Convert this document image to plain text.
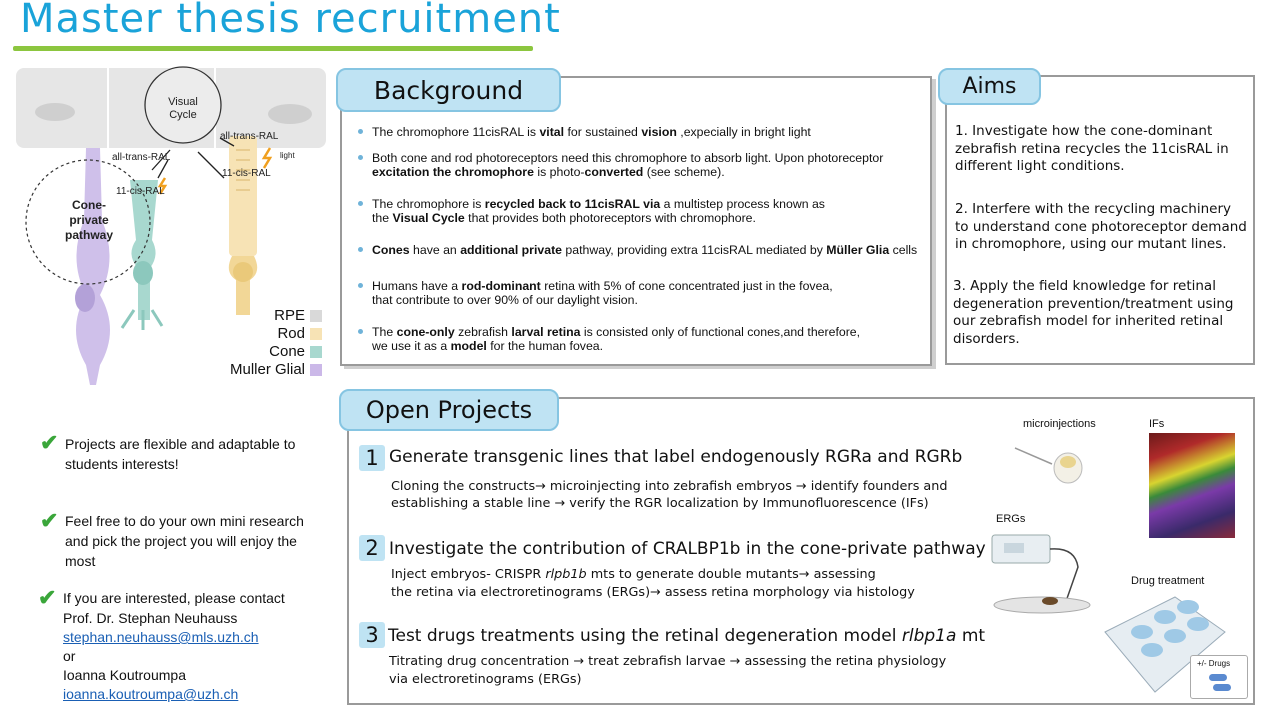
Master thesis recruitment
Visual
Cycle
all-trans-RAL
11-cis-RAL
all-trans-RAL
11-cis-RAL
light
Cone-
private
pathway
RPE
Rod
Cone
Muller Glial
✔ Projects are flexible and adaptable to students interests!
✔ Feel free to do your own mini research and pick the project you will enjoy the most
✔ If you are interested, please contact
Prof. Dr. Stephan Neuhauss
stephan.neuhauss@mls.uzh.ch
or
Ioanna Koutroumpa
ioanna.koutroumpa@uzh.ch
Background
The chromophore 11cisRAL is vital for sustained vision ,expecially in bright light
Both cone and rod photoreceptors need this chromophore to absorb light. Upon photoreceptor
excitation the chromophore is photo-converted (see scheme).
The chromophore is recycled back to 11cisRAL via a multistep process known as
the Visual Cycle that provides both photoreceptors with chromophore.
Cones have an additional private pathway, providing extra 11cisRAL mediated by Müller Glia cells
Humans have a rod-dominant retina with 5% of cone concentrated just in the fovea,
that contribute to over 90% of our daylight vision.
The cone-only zebrafish larval retina is consisted only of functional cones,and therefore,
we use it as a model for the human fovea.
Aims
1. Investigate how the cone-dominant zebrafish retina recycles the 11cisRAL in different light conditions.
2. Interfere with the recycling machinery to understand cone photoreceptor demand in chromophore, using our mutant lines.
3. Apply the field knowledge for retinal degeneration prevention/treatment using our zebrafish model for inherited retinal disorders.
Open Projects
1 Generate transgenic lines that label endogenously RGRa and RGRb
Cloning the constructs→ microinjecting into zebrafish embryos → identify founders and
establishing a stable line → verify the RGR localization by Immunofluorescence (IFs)
2 Investigate the contribution of CRALBP1b in the cone-private pathway
Inject embryos- CRISPR rlpb1b mts to generate double mutants→ assessing
the retina via electroretinograms (ERGs)→ assess retina morphology via histology
3 Test drugs treatments using the retinal degeneration model rlbp1a mt
Titrating drug concentration → treat zebrafish larvae → assessing the retina physiology
via electroretinograms (ERGs)
microinjections	IFs
ERGs
Drug treatment
+/- Drugs
